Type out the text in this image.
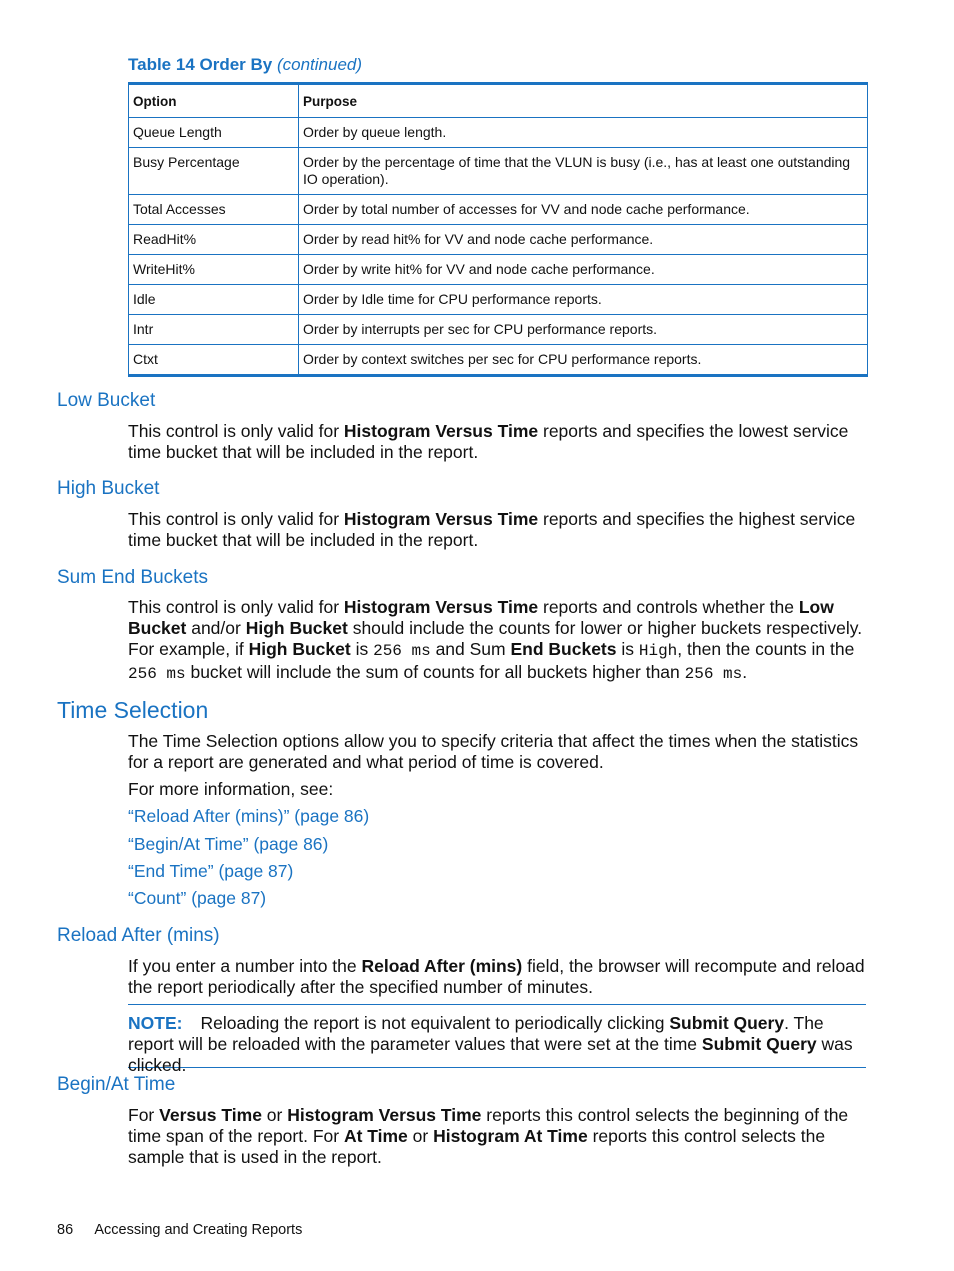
Table 14 Order By (continued)
Option	Purpose
Queue Length	Order by queue length.
Busy Percentage	Order by the percentage of time that the VLUN is busy (i.e., has at least one outstanding IO operation).
Total Accesses	Order by total number of accesses for VV and node cache performance.
ReadHit%	Order by read hit% for VV and node cache performance.
WriteHit%	Order by write hit% for VV and node cache performance.
Idle	Order by Idle time for CPU performance reports.
Intr	Order by interrupts per sec for CPU performance reports.
Ctxt	Order by context switches per sec for CPU performance reports.
Low Bucket
This control is only valid for Histogram Versus Time reports and specifies the lowest service time bucket that will be included in the report.
High Bucket
This control is only valid for Histogram Versus Time reports and specifies the highest service time bucket that will be included in the report.
Sum End Buckets
This control is only valid for Histogram Versus Time reports and controls whether the Low Bucket and/or High Bucket should include the counts for lower or higher buckets respectively. For example, if High Bucket is 256 ms and Sum End Buckets is High, then the counts in the 256 ms bucket will include the sum of counts for all buckets higher than 256 ms.
Time Selection
The Time Selection options allow you to specify criteria that affect the times when the statistics for a report are generated and what period of time is covered.
For more information, see:
“Reload After (mins)” (page 86)
“Begin/At Time” (page 86)
“End Time” (page 87)
“Count” (page 87)
Reload After (mins)
If you enter a number into the Reload After (mins) field, the browser will recompute and reload the report periodically after the specified number of minutes.
NOTE: Reloading the report is not equivalent to periodically clicking Submit Query. The report will be reloaded with the parameter values that were set at the time Submit Query was clicked.
Begin/At Time
For Versus Time or Histogram Versus Time reports this control selects the beginning of the time span of the report. For At Time or Histogram At Time reports this control selects the sample that is used in the report.
86 Accessing and Creating Reports
